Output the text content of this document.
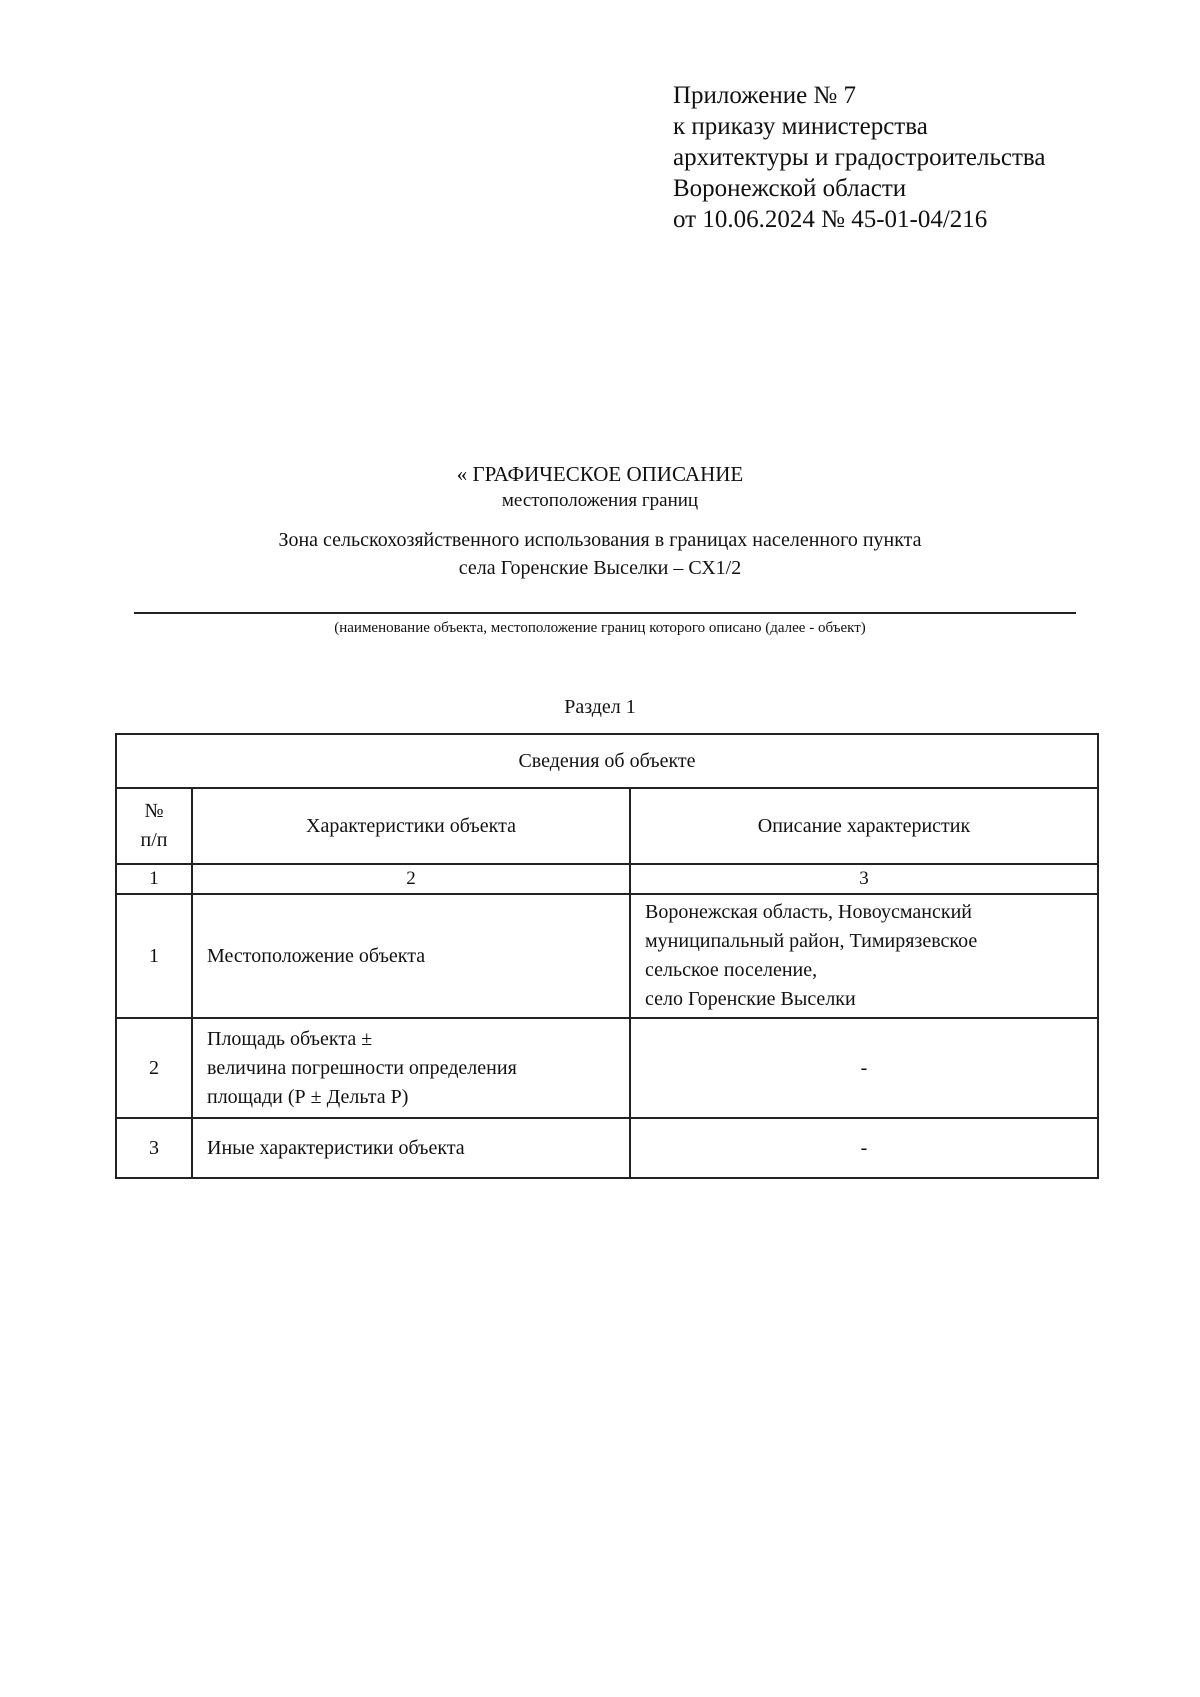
Приложение № 7
к приказу министерства
архитектуры и градостроительства
Воронежской области
от 10.06.2024 № 45-01-04/216
« ГРАФИЧЕСКОЕ ОПИСАНИЕ
местоположения границ
Зона сельскохозяйственного использования в границах населенного пункта
села Горенские Выселки – СХ1/2
(наименование объекта, местоположение границ которого описано (далее - объект)
Раздел 1
Сведения об объекте		

№
п/п	Характеристики объекта	Описание характеристик
1	2	3
1	Местоположение объекта	Воронежская область, Новоусманский
муниципальный район, Тимирязевское
сельское поселение,
село Горенские Выселки

2	Площадь объекта ±
величина погрешности определения
площади (Р ± Дельта Р)	-
3	Иные характеристики объекта	-
